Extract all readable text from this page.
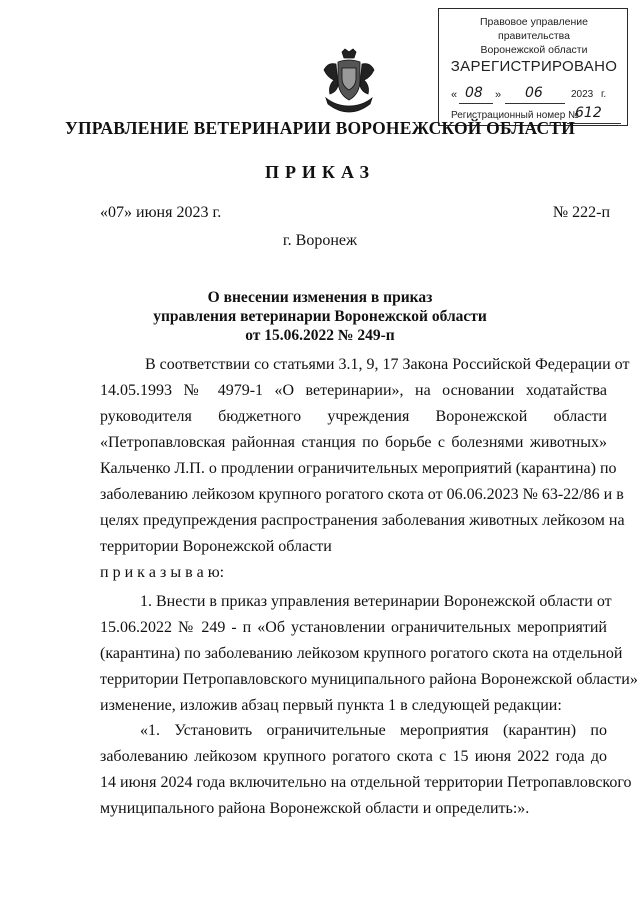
Правовое управление правительства
Воронежской области
ЗАРЕГИСТРИРОВАНО
« 08 » 06	2023 г.
Регистрационный номер №
612
УПРАВЛЕНИЕ ВЕТЕРИНАРИИ ВОРОНЕЖСКОЙ ОБЛАСТИ
ПРИКАЗ
«07» июня 2023 г.	№ 222-п
г. Воронеж
О внесении изменения в приказ
управления ветеринарии Воронежской области
от 15.06.2022 № 249-п
В соответствии со статьями 3.1, 9, 17 Закона Российской Федерации от
14.05.1993 № 4979-1 «О ветеринарии», на основании ходатайства
руководителя бюджетного учреждения Воронежской области
«Петропавловская районная станция по борьбе с болезнями животных»
Кальченко Л.П. о продлении ограничительных мероприятий (карантина) по
заболеванию лейкозом крупного рогатого скота от 06.06.2023 № 63-22/86 и в
целях предупреждения распространения заболевания животных лейкозом на
территории Воронежской области
п р и к а з ы в а ю:
1. Внести в приказ управления ветеринарии Воронежской области от
15.06.2022 № 249 - п «Об установлении ограничительных мероприятий
(карантина) по заболеванию лейкозом крупного рогатого скота на отдельной
территории Петропавловского муниципального района Воронежской области»
изменение, изложив абзац первый пункта 1 в следующей редакции:
«1. Установить ограничительные мероприятия (карантин) по
заболеванию лейкозом крупного рогатого скота с 15 июня 2022 года до
14 июня 2024 года включительно на отдельной территории Петропавловского
муниципального района Воронежской области и определить:».
